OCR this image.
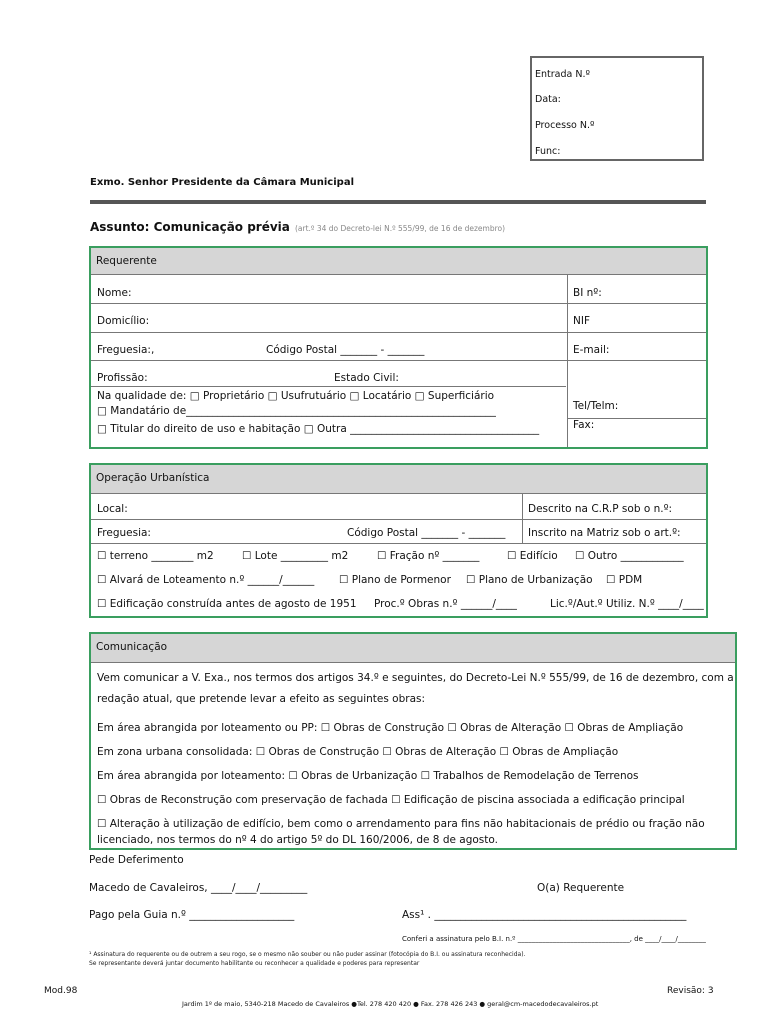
Entrada N.º
Data:
Processo N.º
Func:
Exmo. Senhor Presidente da Câmara Municipal
Assunto: Comunicação prévia (art.º 34 do Decreto-lei N.º 555/99, de 16 de dezembro)
Requerente
Nome:	BI nº:
Domicílio:	NIF
Freguesia:,	Código Postal _______ - _______	E-mail:
Profissão:	Estado Civil:
Na qualidade de: □ Proprietário □ Usufrutuário □ Locatário □ Superficiário
□ Mandatário de___________________________________________________________
□ Titular do direito de uso e habitação □ Outra ____________________________________
Tel/Telm:
Fax:
Operação Urbanística
Local:	Descrito na C.R.P sob o n.º:
Freguesia:	Código Postal _______ - _______ Inscrito na Matriz sob o art.º:
☐ terreno ________ m2	☐ Lote _________ m2	☐ Fração nº _______	☐ Edifício ☐ Outro ____________
☐ Alvará de Loteamento n.º ______/______ ☐ Plano de Pormenor ☐ Plano de Urbanização ☐ PDM
☐ Edificação construída antes de agosto de 1951 Proc.º Obras n.º ______/____	Lic.º/Aut.º Utiliz. N.º ____/____
Comunicação
Vem comunicar a V. Exa., nos termos dos artigos 34.º e seguintes, do Decreto-Lei N.º 555/99, de 16 de dezembro, com a
redação atual, que pretende levar a efeito as seguintes obras:
Em área abrangida por loteamento ou PP: ☐ Obras de Construção ☐ Obras de Alteração ☐ Obras de Ampliação
Em zona urbana consolidada: ☐ Obras de Construção ☐ Obras de Alteração ☐ Obras de Ampliação
Em área abrangida por loteamento: ☐ Obras de Urbanização ☐ Trabalhos de Remodelação de Terrenos
☐ Obras de Reconstrução com preservação de fachada ☐ Edificação de piscina associada a edificação principal
☐ Alteração à utilização de edifício, bem como o arrendamento para fins não habitacionais de prédio ou fração não
licenciado, nos termos do nº 4 do artigo 5º do DL 160/2006, de 8 de agosto.
Pede Deferimento
Macedo de Cavaleiros, ____/____/_________	O(a) Requerente
Pago pela Guia n.º ____________________	Ass¹ . ________________________________________________
Conferi a assinatura pelo B.I. n.º ________________________________, de ____/____/________
¹ Assinatura do requerente ou de outrem a seu rogo, se o mesmo não souber ou não puder assinar (fotocópia do B.I. ou assinatura reconhecida).
Se representante deverá juntar documento habilitante ou reconhecer a qualidade e poderes para representar
Mod.98	Revisão: 3
Jardim 1º de maio, 5340-218 Macedo de Cavaleiros ●Tel. 278 420 420 ● Fax. 278 426 243 ● geral@cm-macedodecavaleiros.pt
